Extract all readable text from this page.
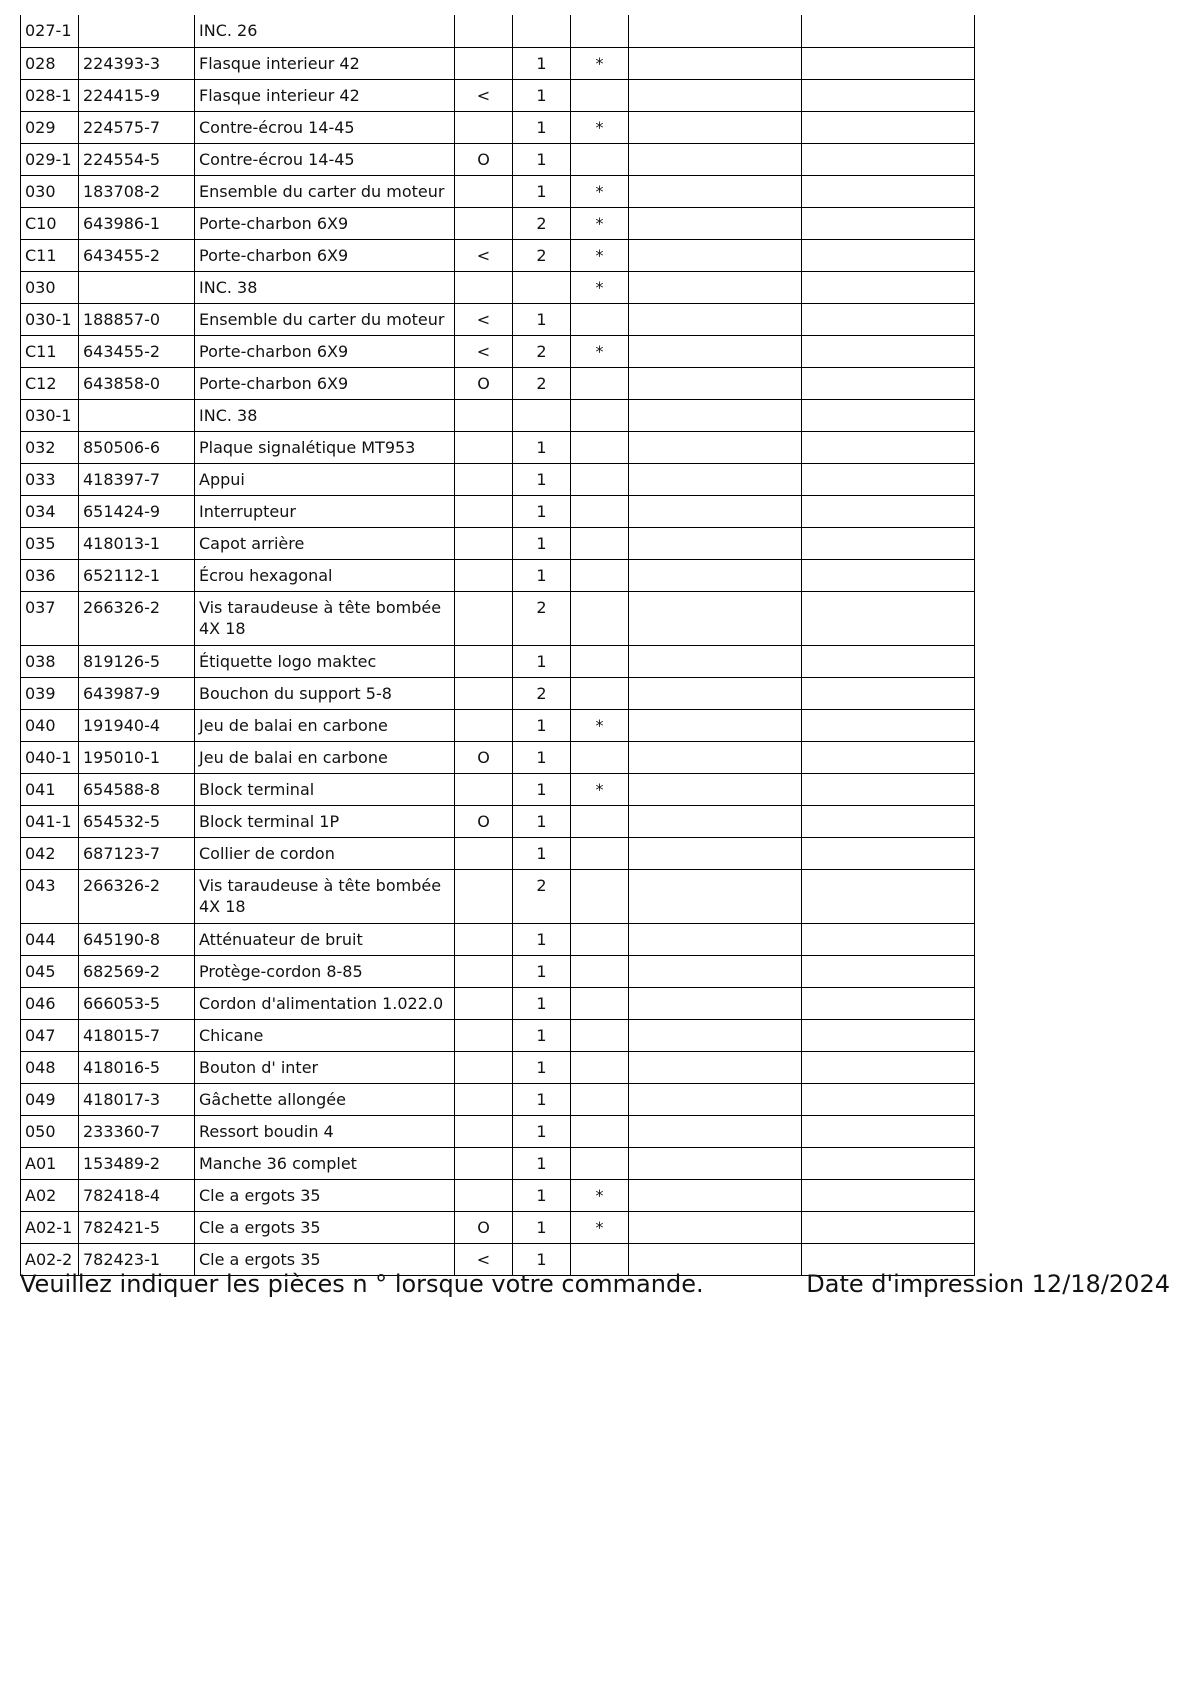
027-1		INC. 26					
028	224393-3	Flasque interieur 42		1	*		
028-1	224415-9	Flasque interieur 42	<	1			
029	224575-7	Contre-écrou 14-45		1	*		
029-1	224554-5	Contre-écrou 14-45	O	1			
030	183708-2	Ensemble du carter du moteur		1	*		
C10	643986-1	Porte-charbon 6X9		2	*		
C11	643455-2	Porte-charbon 6X9	<	2	*		
030		INC. 38			*		
030-1	188857-0	Ensemble du carter du moteur	<	1			
C11	643455-2	Porte-charbon 6X9	<	2	*		
C12	643858-0	Porte-charbon 6X9	O	2			
030-1		INC. 38					
032	850506-6	Plaque signalétique MT953		1			
033	418397-7	Appui		1			
034	651424-9	Interrupteur		1			
035	418013-1	Capot arrière		1			
036	652112-1	Écrou hexagonal		1			
037	266326-2	Vis taraudeuse à tête bombée 4X 18		2			
038	819126-5	Étiquette logo maktec		1			
039	643987-9	Bouchon du support 5-8		2			
040	191940-4	Jeu de balai en carbone		1	*		
040-1	195010-1	Jeu de balai en carbone	O	1			
041	654588-8	Block terminal		1	*		
041-1	654532-5	Block terminal 1P	O	1			
042	687123-7	Collier de cordon		1			
043	266326-2	Vis taraudeuse à tête bombée 4X 18		2			
044	645190-8	Atténuateur de bruit		1			
045	682569-2	Protège-cordon 8-85		1			
046	666053-5	Cordon d'alimentation 1.022.0		1			
047	418015-7	Chicane		1			
048	418016-5	Bouton d' inter		1			
049	418017-3	Gâchette allongée		1			
050	233360-7	Ressort boudin 4		1			
A01	153489-2	Manche 36 complet		1			
A02	782418-4	Cle a ergots 35		1	*		
A02-1	782421-5	Cle a ergots 35	O	1	*		
A02-2	782423-1	Cle a ergots 35	<	1			
Veuillez indiquer les pièces n ° lorsque votre commande.	Date d'impression 12/18/2024
